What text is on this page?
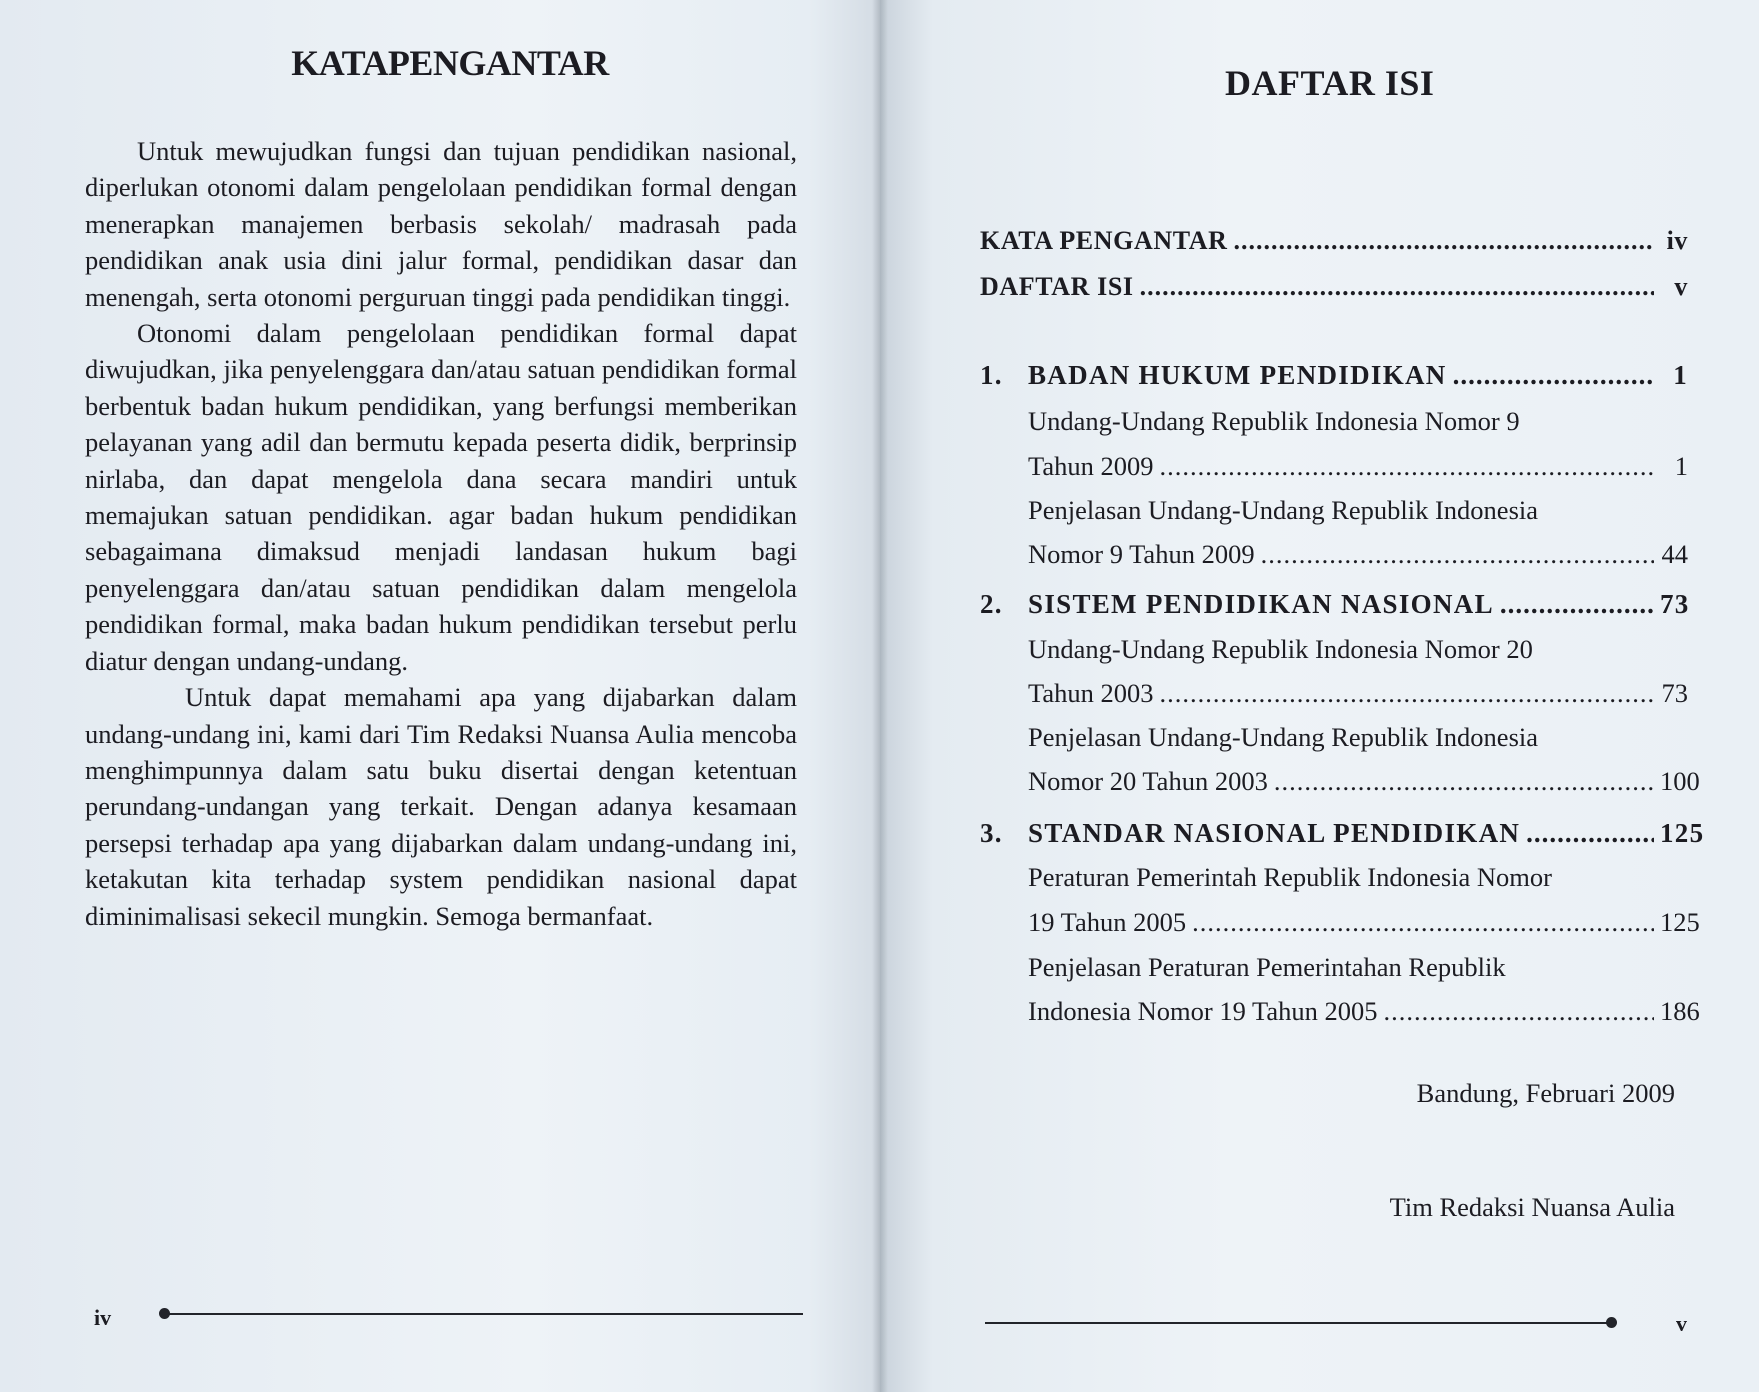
KATAPENGANTAR

Untuk mewujudkan fungsi dan tujuan pendidikan nasional, diperlukan otonomi dalam pengelolaan pendidikan formal dengan menerapkan manajemen berbasis sekolah/ madrasah pada pendidikan anak usia dini jalur formal, pendidikan dasar dan menengah, serta otonomi perguruan tinggi pada pendidikan tinggi.

Otonomi dalam pengelolaan pendidikan formal dapat diwujudkan, jika penyelenggara dan/atau satuan pendidikan formal berbentuk badan hukum pendidikan, yang berfungsi memberikan pelayanan yang adil dan bermutu kepada peserta didik, berprinsip nirlaba, dan dapat mengelola dana secara mandiri untuk memajukan satuan pendidikan. agar badan hukum pendidikan sebagaimana dimaksud menjadi landasan hukum bagi penyelenggara dan/atau satuan pendidikan dalam mengelola pendidikan formal, maka badan hukum pendidikan tersebut perlu diatur dengan undang-undang.

Untuk dapat memahami apa yang dijabarkan dalam undang-undang ini, kami dari Tim Redaksi Nuansa Aulia mencoba menghimpunnya dalam satu buku disertai dengan ketentuan perundang-undangan yang terkait. Dengan adanya kesamaan persepsi terhadap apa yang dijabarkan dalam undang-undang ini, ketakutan kita terhadap system pendidikan nasional dapat diminimalisasi sekecil mungkin. Semoga bermanfaat.

Bandung, Februari 2009
Tim Redaksi Nuansa Aulia
iv
DAFTAR ISI
KATA PENGANTAR .....	iv
DAFTAR ISI .....	v
1. BADAN HUKUM PENDIDIKAN .....	1
Undang-Undang Republik Indonesia Nomor 9
Tahun 2009 .....	1
Penjelasan Undang-Undang Republik Indonesia
Nomor 9 Tahun 2009 .....	44
2. SISTEM PENDIDIKAN NASIONAL .....	73
Undang-Undang Republik Indonesia Nomor 20
Tahun 2003 .....	73
Penjelasan Undang-Undang Republik Indonesia
Nomor 20 Tahun 2003 .....	100
3. STANDAR NASIONAL PENDIDIKAN .....	125
Peraturan Pemerintah Republik Indonesia Nomor
19 Tahun 2005 .....	125
Penjelasan Peraturan Pemerintahan Republik
Indonesia Nomor 19 Tahun 2005 .....	186
v
